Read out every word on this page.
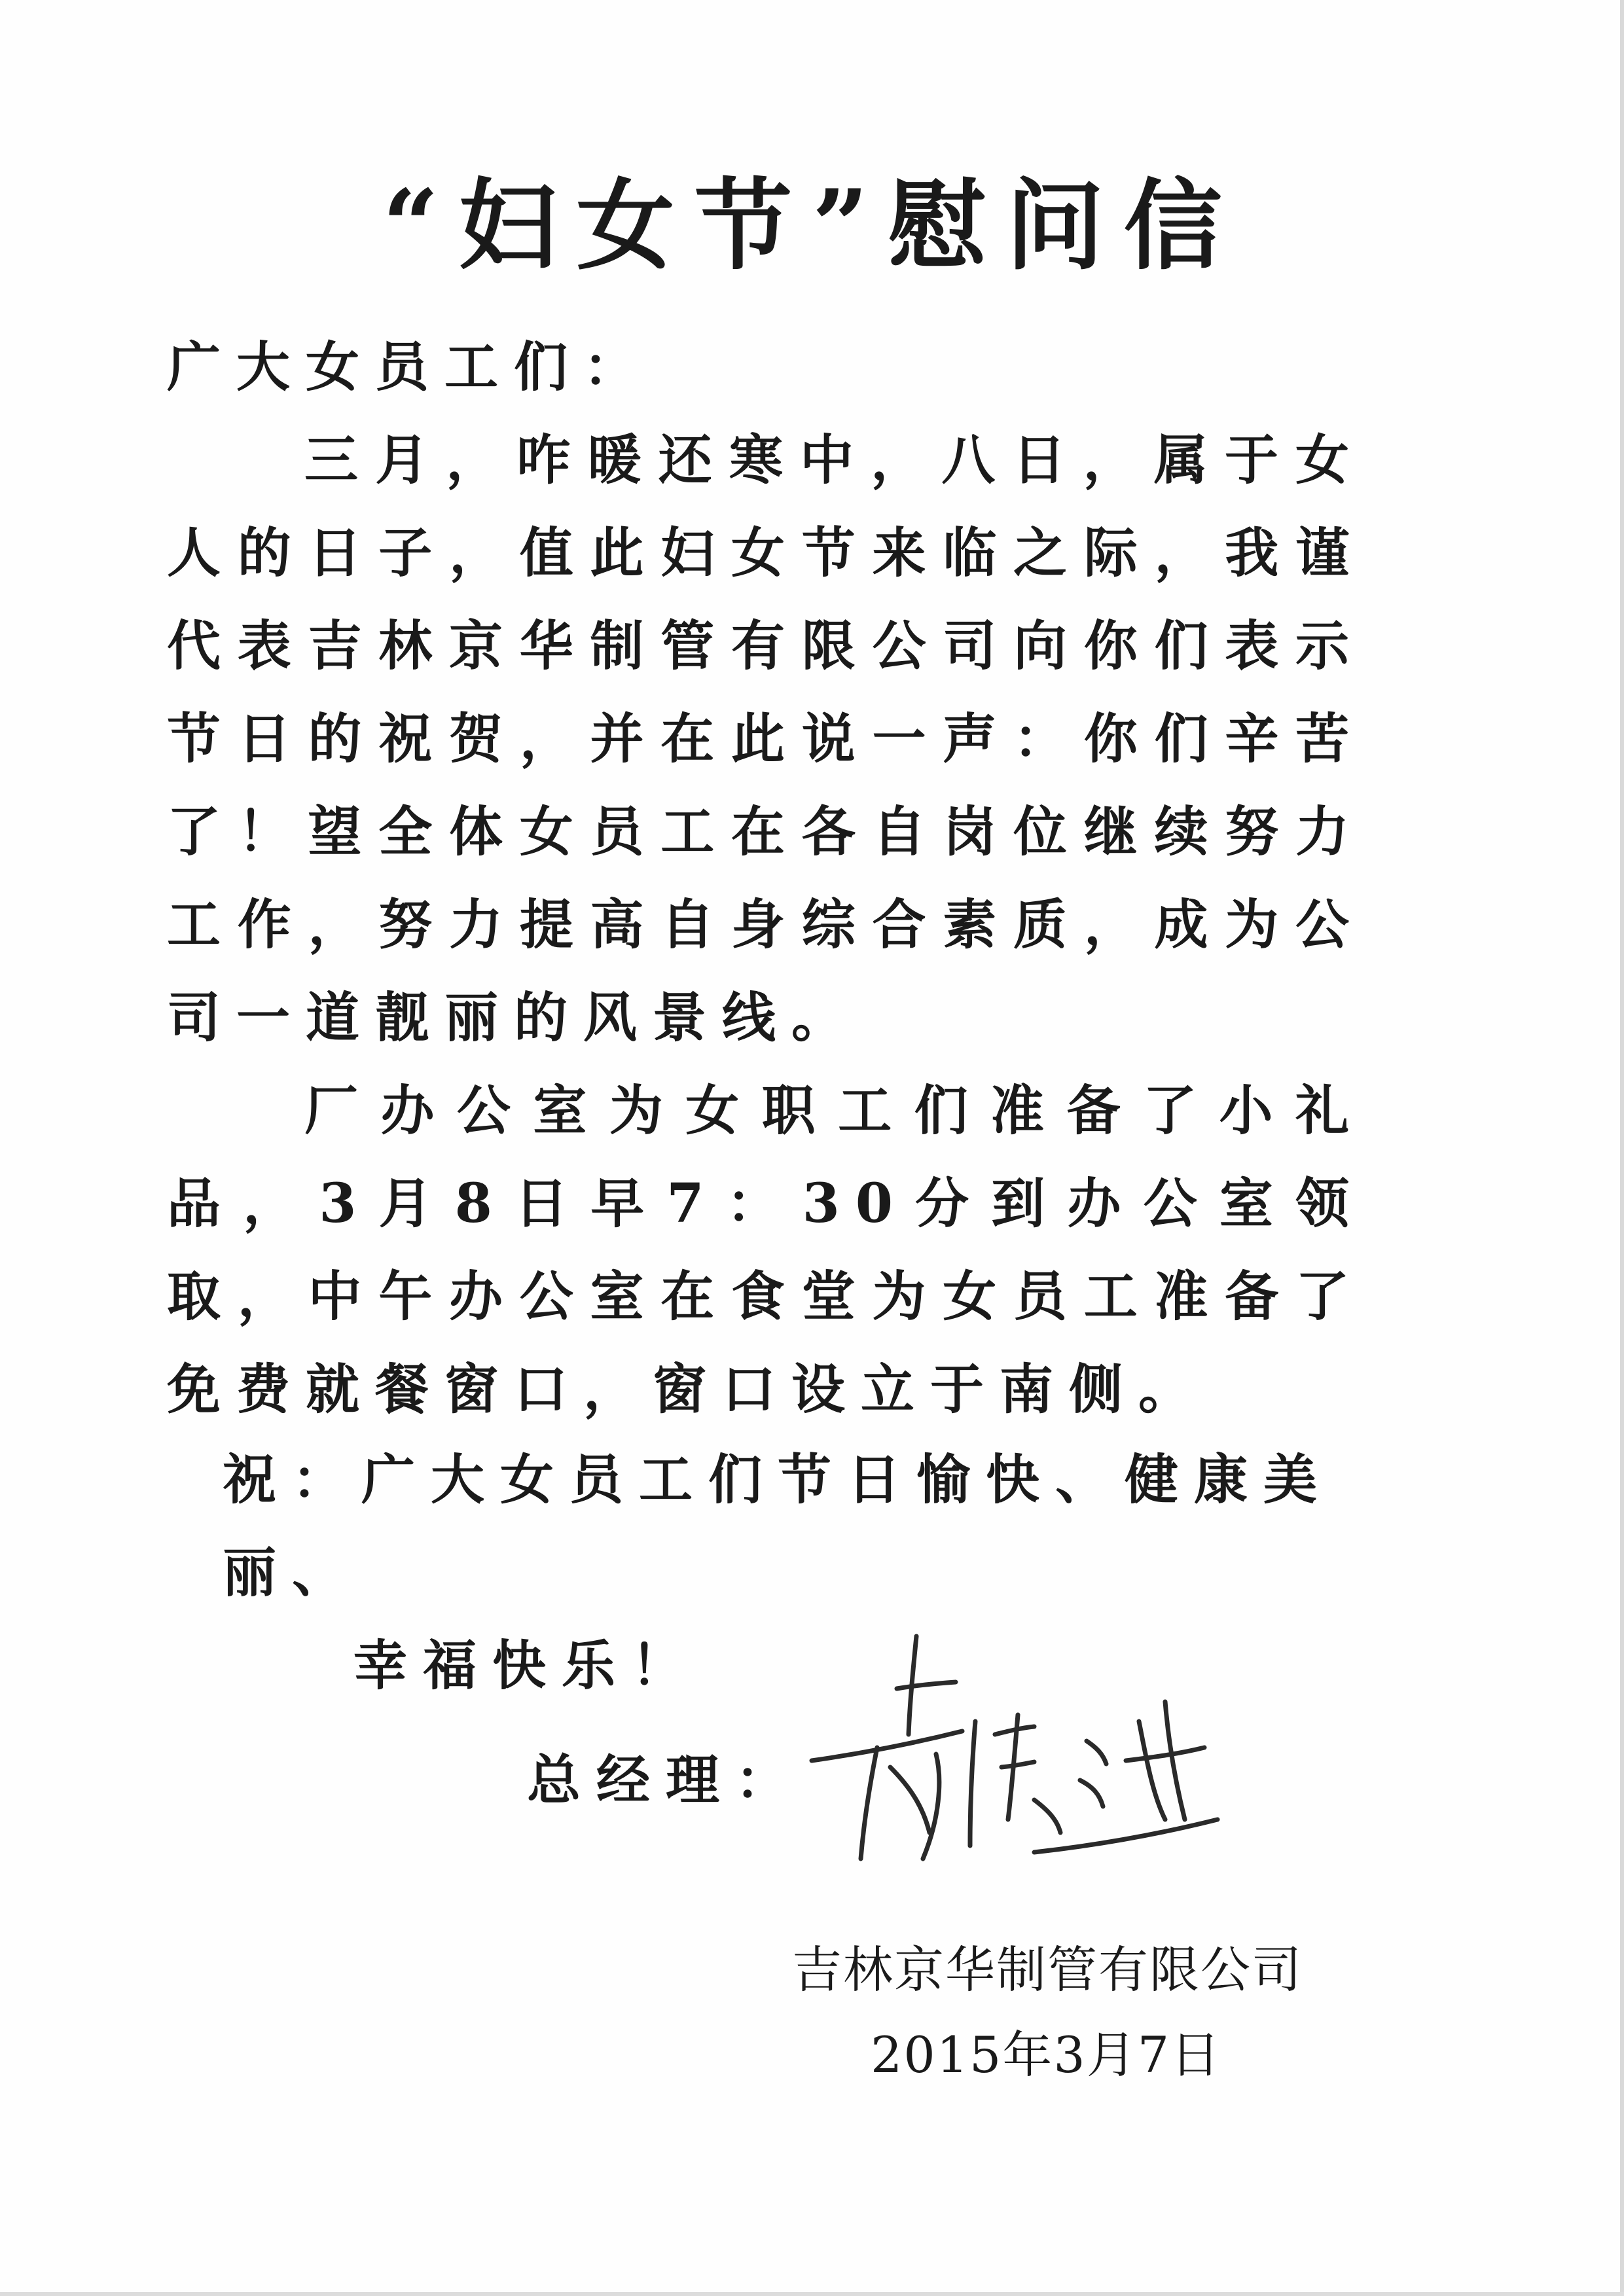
“妇女节”慰问信

广大女员工们：

三月，咋暖还寒中，八日，属于女人的日子，值此妇女节来临之际，我谨代表吉林京华制管有限公司向你们表示节日的祝贺，并在此说一声：你们辛苦了！望全体女员工在各自岗位继续努力工作，努力提高自身综合素质，成为公司一道靓丽的风景线。

厂办公室为女职工们准备了小礼品，3月8日早7：30分到办公室领取，中午办公室在食堂为女员工准备了免费就餐窗口，窗口设立于南侧。

祝：广大女员工们节日愉快、健康美丽、
幸福快乐！
总经理：
吉林京华制管有限公司
2015年3月7日
